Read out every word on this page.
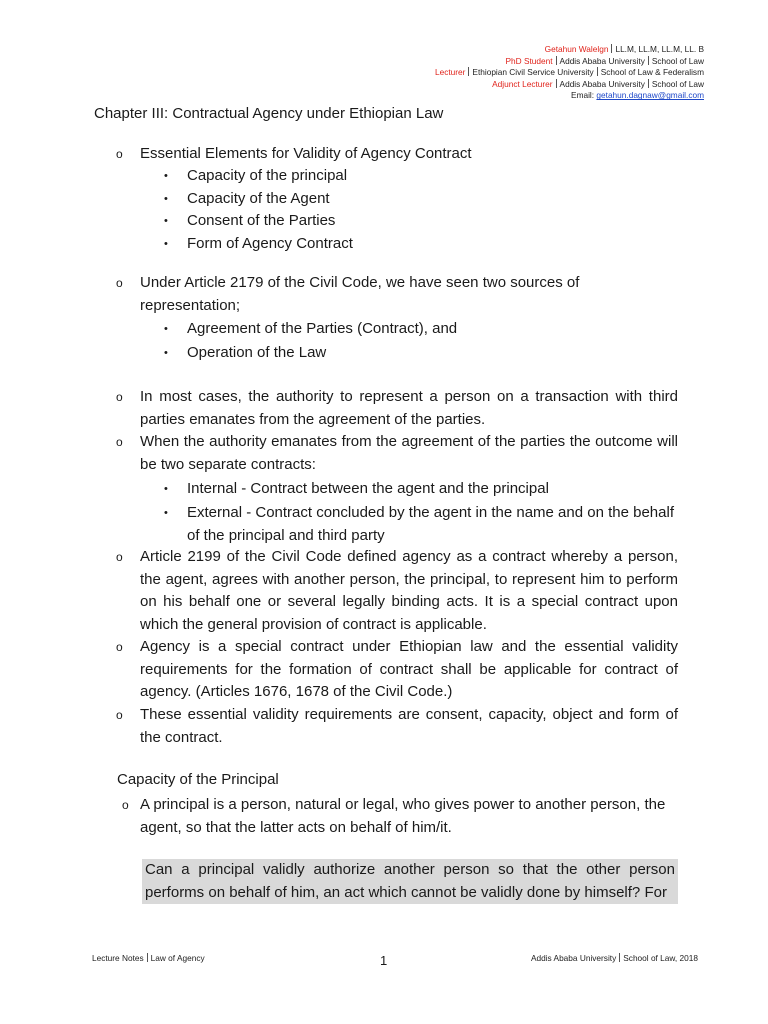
Getahun Walelgn LL.M, LL.M, LL.M, LL. B
PhD Student Addis Ababa University School of Law
Lecturer Ethiopian Civil Service University School of Law & Federalism
Adjunct Lecturer Addis Ababa University School of Law
Email: getahun.dagnaw@gmail.com
Chapter III: Contractual Agency under Ethiopian Law
o Essential Elements for Validity of Agency Contract
• Capacity of the principal
• Capacity of the Agent
• Consent of the Parties
• Form of Agency Contract
o Under Article 2179 of the Civil Code, we have seen two sources of representation;
• Agreement of the Parties (Contract), and
• Operation of the Law
o In most cases, the authority to represent a person on a transaction with third parties emanates from the agreement of the parties.
o When the authority emanates from the agreement of the parties the outcome will be two separate contracts:
• Internal - Contract between the agent and the principal
• External - Contract concluded by the agent in the name and on the behalf of the principal and third party
o Article 2199 of the Civil Code defined agency as a contract whereby a person, the agent, agrees with another person, the principal, to represent him to perform on his behalf one or several legally binding acts. It is a special contract upon which the general provision of contract is applicable.
o Agency is a special contract under Ethiopian law and the essential validity requirements for the formation of contract shall be applicable for contract of agency. (Articles 1676, 1678 of the Civil Code.)
o These essential validity requirements are consent, capacity, object and form of the contract.
Capacity of the Principal
o A principal is a person, natural or legal, who gives power to another person, the agent, so that the latter acts on behalf of him/it.
Can a principal validly authorize another person so that the other person performs on behalf of him, an act which cannot be validly done by himself? For
Lecture Notes Law of Agency	1	Addis Ababa University School of Law, 2018
